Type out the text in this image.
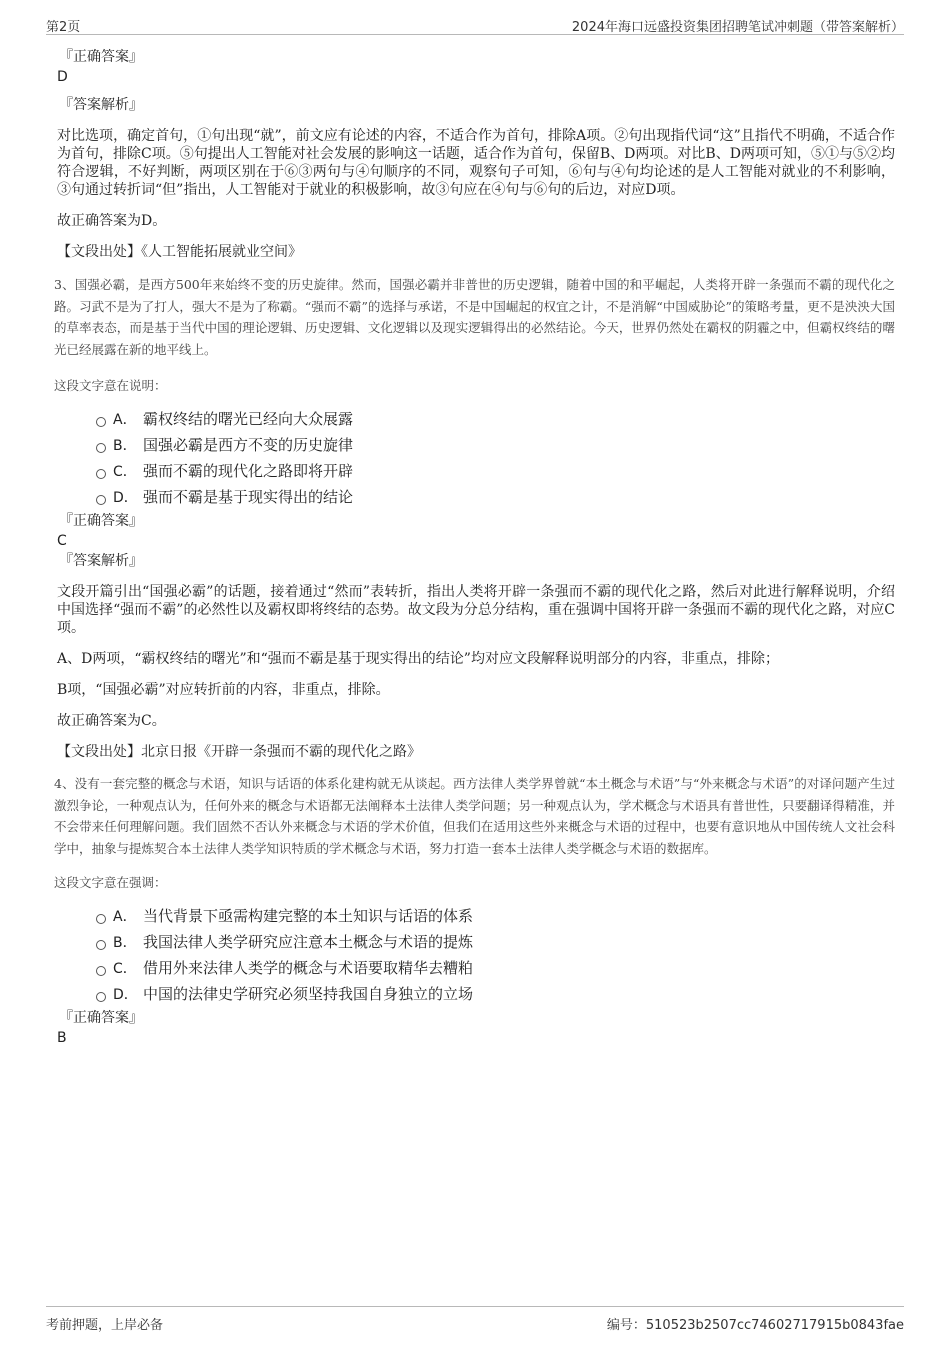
第2页	2024年海口远盛投资集团招聘笔试冲刺题（带答案解析）

『正确答案』

D

『答案解析』

对比选项，确定首句，①句出现“就”，前文应有论述的内容，不适合作为首句，排除A项。②句出现指代词“这”且指代不明确，不适合作为首句，排除C项。⑤句提出人工智能对社会发展的影响这一话题，适合作为首句，保留B、D两项。对比B、D两项可知，⑤①与⑤②均符合逻辑，不好判断，两项区别在于⑥③两句与④句顺序的不同，观察句子可知，⑥句与④句均论述的是人工智能对就业的不利影响，③句通过转折词“但”指出，人工智能对于就业的积极影响，故③句应在④句与⑥句的后边，对应D项。

故正确答案为D。

【文段出处】《人工智能拓展就业空间》

3、国强必霸，是西方500年来始终不变的历史旋律。然而，国强必霸并非普世的历史逻辑，随着中国的和平崛起，人类将开辟一条强而不霸的现代化之路。习武不是为了打人，强大不是为了称霸。“强而不霸”的选择与承诺，不是中国崛起的权宜之计，不是消解“中国威胁论”的策略考量，更不是泱泱大国的草率表态，而是基于当代中国的理论逻辑、历史逻辑、文化逻辑以及现实逻辑得出的必然结论。今天，世界仍然处在霸权的阴霾之中，但霸权终结的曙光已经展露在新的地平线上。

这段文字意在说明：

A． 霸权终结的曙光已经向大众展露
B． 国强必霸是西方不变的历史旋律
C． 强而不霸的现代化之路即将开辟
D． 强而不霸是基于现实得出的结论

『正确答案』

C

『答案解析』

文段开篇引出“国强必霸”的话题，接着通过“然而”表转折，指出人类将开辟一条强而不霸的现代化之路，然后对此进行解释说明，介绍中国选择“强而不霸”的必然性以及霸权即将终结的态势。故文段为分总分结构，重在强调中国将开辟一条强而不霸的现代化之路，对应C项。

A、D两项，“霸权终结的曙光”和“强而不霸是基于现实得出的结论”均对应文段解释说明部分的内容，非重点，排除；

B项，“国强必霸”对应转折前的内容，非重点，排除。

故正确答案为C。

【文段出处】北京日报《开辟一条强而不霸的现代化之路》

4、没有一套完整的概念与术语，知识与话语的体系化建构就无从谈起。西方法律人类学界曾就“本土概念与术语”与“外来概念与术语”的对译问题产生过激烈争论，一种观点认为，任何外来的概念与术语都无法阐释本土法律人类学问题；另一种观点认为，学术概念与术语具有普世性，只要翻译得精准，并不会带来任何理解问题。我们固然不否认外来概念与术语的学术价值，但我们在适用这些外来概念与术语的过程中，也要有意识地从中国传统人文社会科学中，抽象与提炼契合本土法律人类学知识特质的学术概念与术语，努力打造一套本土法律人类学概念与术语的数据库。

这段文字意在强调：

A． 当代背景下亟需构建完整的本土知识与话语的体系
B． 我国法律人类学研究应注意本土概念与术语的提炼
C． 借用外来法律人类学的概念与术语要取精华去糟粕
D． 中国的法律史学研究必须坚持我国自身独立的立场

『正确答案』

B

考前押题，上岸必备	编号：510523b2507cc74602717915b0843fae
